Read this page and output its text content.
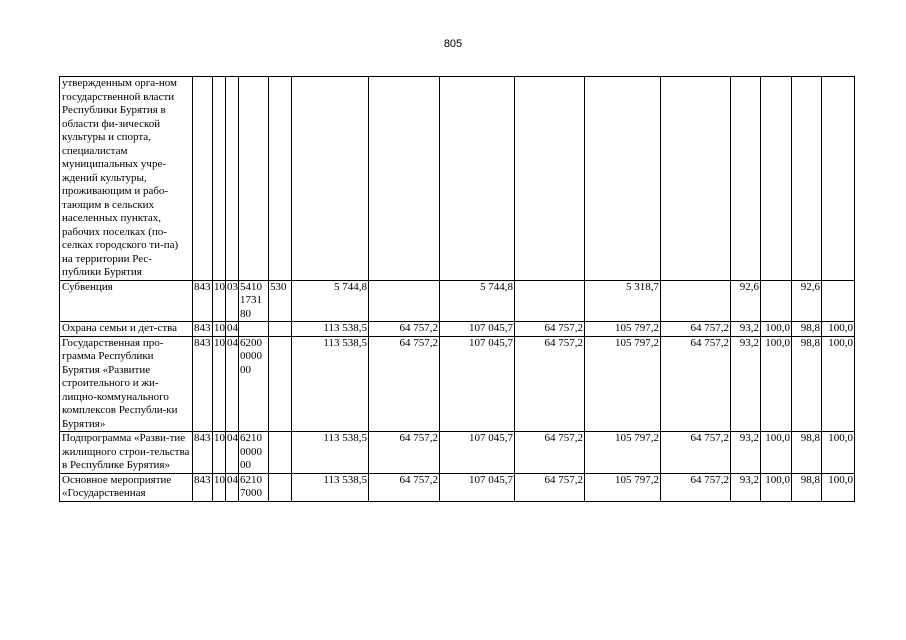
805
утвержденным орга-ном государственной власти Республики Бурятия в области фи-зической культуры и спорта, специалистам муниципальных учре-ждений культуры, проживающим и рабо-тающим в сельских населенных пунктах, рабочих поселках (по-селках городского ти-па) на территории Рес-публики Бурятия															
Субвенция	843	10	03	5410173180	530	5 744,8		5 744,8		5 318,7		92,6		92,6	
Охрана семьи и дет-ства	843	10	04			113 538,5	64 757,2	107 045,7	64 757,2	105 797,2	64 757,2	93,2	100,0	98,8	100,0
Государственная про-грамма Республики Бурятия «Развитие строительного и жи-лищно-коммунального комплексов Республи-ки Бурятия»	843	10	04	6200000000		113 538,5	64 757,2	107 045,7	64 757,2	105 797,2	64 757,2	93,2	100,0	98,8	100,0
Подпрограмма «Разви-тие жилищного строи-тельства в Республике Бурятия»	843	10	04	6210000000		113 538,5	64 757,2	107 045,7	64 757,2	105 797,2	64 757,2	93,2	100,0	98,8	100,0
Основное мероприятие «Государственная	843	10	04	62107000		113 538,5	64 757,2	107 045,7	64 757,2	105 797,2	64 757,2	93,2	100,0	98,8	100,0
